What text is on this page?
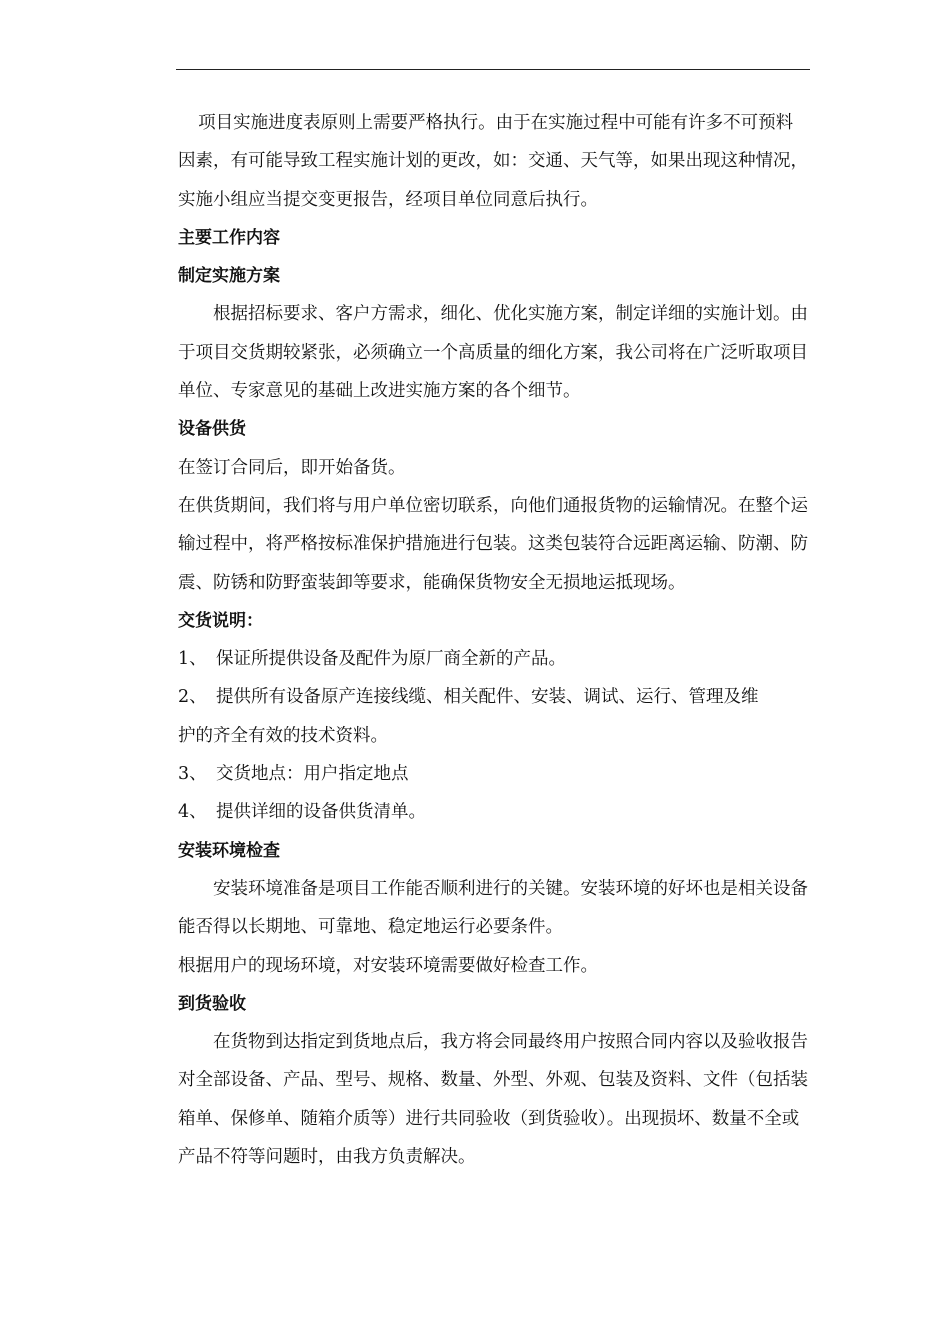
项目实施进度表原则上需要严格执行。由于在实施过程中可能有许多不可预料因素，有可能导致工程实施计划的更改，如：交通、天气等，如果出现这种情况，实施小组应当提交变更报告，经项目单位同意后执行。

主要工作内容

制定实施方案

根据招标要求、客户方需求，细化、优化实施方案，制定详细的实施计划。由于项目交货期较紧张，必须确立一个高质量的细化方案，我公司将在广泛听取项目单位、专家意见的基础上改进实施方案的各个细节。

设备供货

在签订合同后，即开始备货。

在供货期间，我们将与用户单位密切联系，向他们通报货物的运输情况。在整个运输过程中，将严格按标准保护措施进行包装。这类包装符合远距离运输、防潮、防震、防锈和防野蛮装卸等要求，能确保货物安全无损地运抵现场。

交货说明：

1、 保证所提供设备及配件为原厂商全新的产品。
2、 提供所有设备原产连接线缆、相关配件、安装、调试、运行、管理及维

护的齐全有效的技术资料。

3、 交货地点：用户指定地点
4、 提供详细的设备供货清单。

安装环境检查

安装环境准备是项目工作能否顺利进行的关键。安装环境的好坏也是相关设备能否得以长期地、可靠地、稳定地运行必要条件。

根据用户的现场环境，对安装环境需要做好检查工作。

到货验收

在货物到达指定到货地点后，我方将会同最终用户按照合同内容以及验收报告对全部设备、产品、型号、规格、数量、外型、外观、包装及资料、文件（包括装箱单、保修单、随箱介质等）进行共同验收（到货验收）。出现损坏、数量不全或产品不符等问题时，由我方负责解决。
